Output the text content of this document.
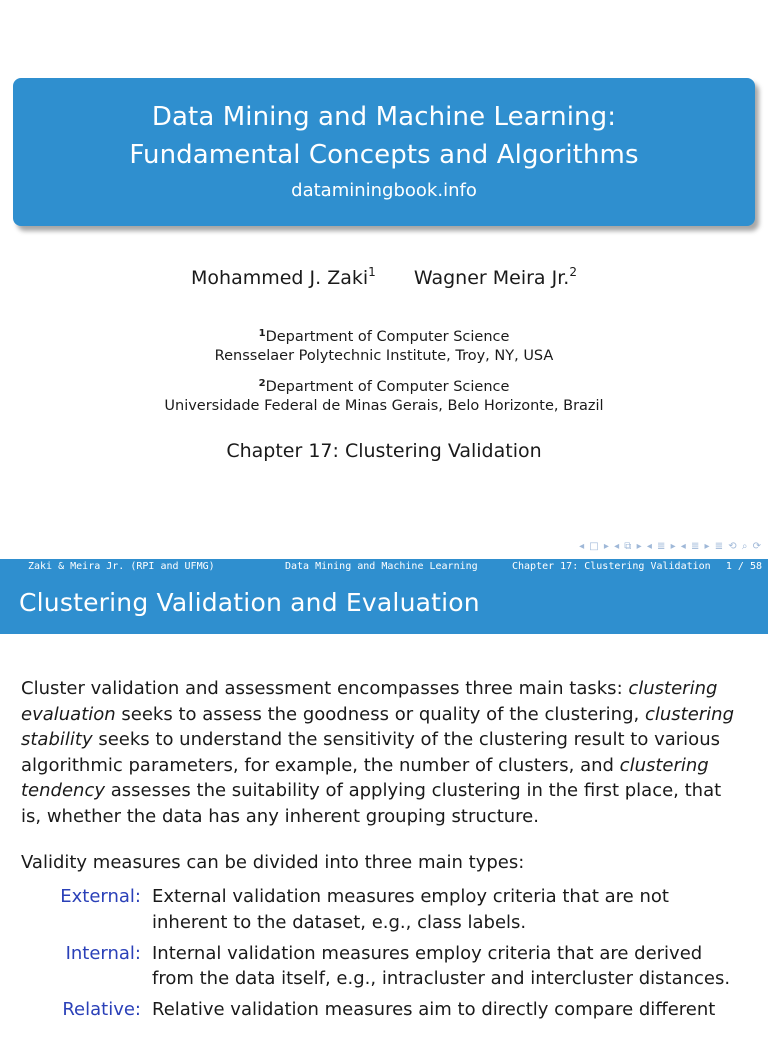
Data Mining and Machine Learning:
Fundamental Concepts and Algorithms
dataminingbook.info
Mohammed J. Zaki$^1$ Wagner Meira Jr.$^2$
$^1$Department of Computer Science
Rensselaer Polytechnic Institute, Troy, NY, USA
$^2$Department of Computer Science
Universidade Federal de Minas Gerais, Belo Horizonte, Brazil
Chapter 17: Clustering Validation
◂ □ ▸ ◂ ⧉ ▸ ◂ ≣ ▸ ◂ ≣ ▸ ≣ ⟲ ⌕ ⟳
Zaki & Meira Jr. (RPI and UFMG)	Data Mining and Machine Learning	Chapter 17: Clustering Validation 1 / 58
Clustering Validation and Evaluation
Cluster validation and assessment encompasses three main tasks: clustering evaluation seeks to assess the goodness or quality of the clustering, clustering stability seeks to understand the sensitivity of the clustering result to various algorithmic parameters, for example, the number of clusters, and clustering tendency assesses the suitability of applying clustering in the first place, that is, whether the data has any inherent grouping structure.
Validity measures can be divided into three main types:
External: External validation measures employ criteria that are not inherent to the dataset, e.g., class labels.
Internal: Internal validation measures employ criteria that are derived from the data itself, e.g., intracluster and intercluster distances.
Relative: Relative validation measures aim to directly compare different
